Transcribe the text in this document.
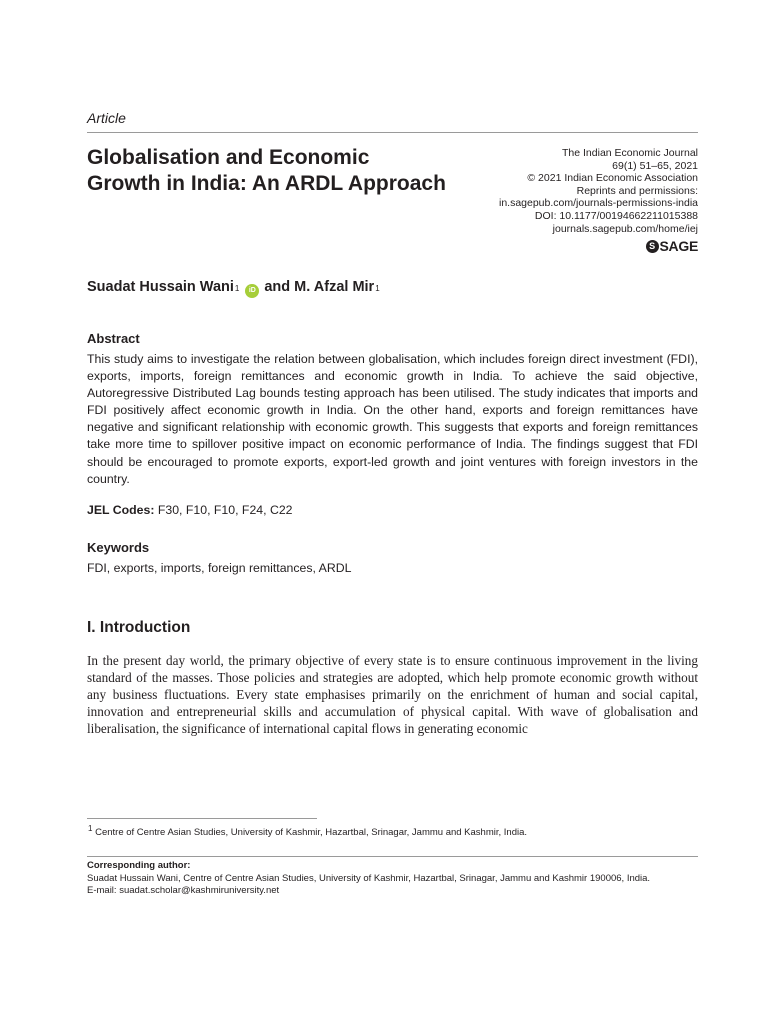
Article
Globalisation and Economic Growth in India: An ARDL Approach
The Indian Economic Journal
69(1) 51–65, 2021
© 2021 Indian Economic Association
Reprints and permissions:
in.sagepub.com/journals-permissions-india
DOI: 10.1177/00194662211015388
journals.sagepub.com/home/iej
S SAGE
Suadat Hussain Wani 1	iD and
M. Afzal Mir 1
Abstract
This study aims to investigate the relation between globalisation, which includes foreign direct investment (FDI), exports, imports, foreign remittances and economic growth in India. To achieve the said objective, Autoregressive Distributed Lag bounds testing approach has been utilised. The study indicates that imports and FDI positively affect economic growth in India. On the other hand, exports and foreign remittances have negative and significant relationship with economic growth. This suggests that exports and foreign remittances take more time to spillover positive impact on economic performance of India. The findings suggest that FDI should be encouraged to promote exports, export-led growth and joint ventures with foreign investors in the country.
JEL Codes: F30, F10, F10, F24, C22
Keywords
FDI, exports, imports, foreign remittances, ARDL
I. Introduction
In the present day world, the primary objective of every state is to ensure continuous improvement in the living standard of the masses. Those policies and strategies are adopted, which help promote economic growth without any business fluctuations. Every state emphasises primarily on the enrichment of human and social capital, innovation and entrepreneurial skills and accumulation of physical capital. With wave of globalisation and liberalisation, the significance of international capital flows in generating economic
$^1$ Centre of Centre Asian Studies, University of Kashmir, Hazartbal, Srinagar, Jammu and Kashmir, India.
Corresponding author:
Suadat Hussain Wani, Centre of Centre Asian Studies, University of Kashmir, Hazartbal, Srinagar, Jammu and Kashmir 190006, India.
E-mail: suadat.scholar@kashmiruniversity.net
